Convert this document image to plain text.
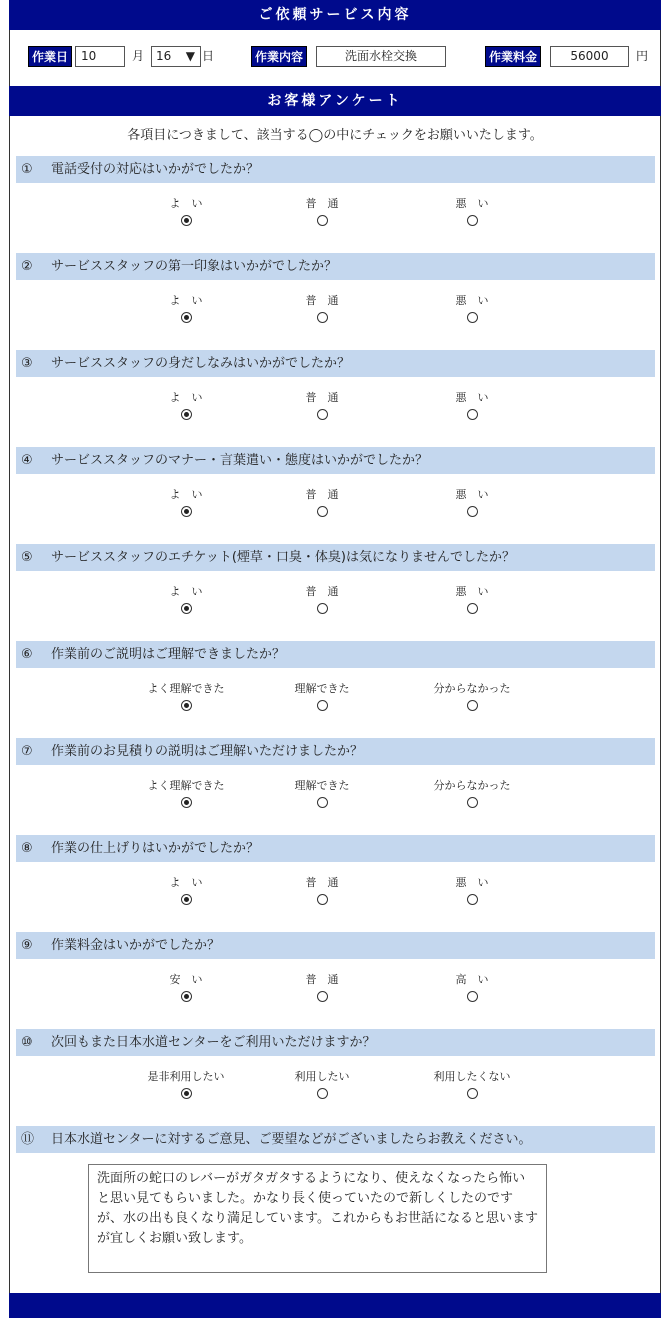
ご依頼サービス内容
作業日	10	月 16 ▼ 日	作業内容	洗面水栓交換	作業料金	56000	円
お客様アンケート
各項目につきまして、該当する◯の中にチェックをお願いいたします。
① 電話受付の対応はいかがでしたか？
よ　い	普　通	悪　い
② サービススタッフの第一印象はいかがでしたか？
よ　い	普　通	悪　い
③ サービススタッフの身だしなみはいかがでしたか？
よ　い	普　通	悪　い
④ サービススタッフのマナー・言葉遣い・態度はいかがでしたか？
よ　い	普　通	悪　い
⑤ サービススタッフのエチケット(煙草・口臭・体臭)は気になりませんでしたか？
よ　い	普　通	悪　い
⑥ 作業前のご説明はご理解できましたか？
よく理解できた	理解できた	分からなかった
⑦ 作業前のお見積りの説明はご理解いただけましたか？
よく理解できた	理解できた	分からなかった
⑧ 作業の仕上げりはいかがでしたか？
よ　い	普　通	悪　い
⑨ 作業料金はいかがでしたか？
安　い	普　通	高　い
⑩ 次回もまた日本水道センターをご利用いただけますか？
是非利用したい	利用したい	利用したくない
⑪ 日本水道センターに対するご意見、ご要望などがございましたらお教えください。
洗面所の蛇口のレバーがガタガタするようになり、使えなくなったら怖いと思い見てもらいました。かなり長く使っていたので新しくしたのですが、水の出も良くなり満足しています。これからもお世話になると思いますが宜しくお願い致します。
